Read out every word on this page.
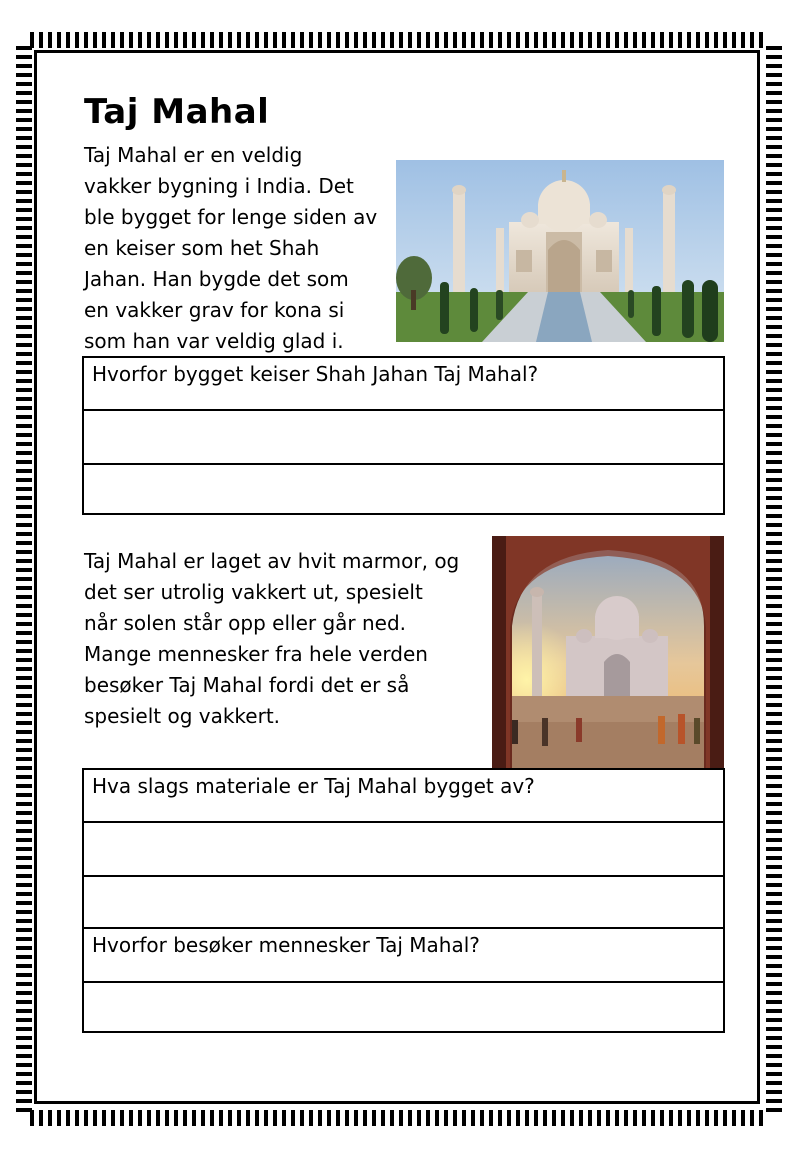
Taj Mahal
Taj Mahal er en veldig
vakker bygning i India. Det
ble bygget for lenge siden av
en keiser som het Shah
Jahan. Han bygde det som
en vakker grav for kona si
som han var veldig glad i.
Hvorfor bygget keiser Shah Jahan Taj Mahal?

Taj Mahal er laget av hvit marmor, og
det ser utrolig vakkert ut, spesielt
når solen står opp eller går ned.
Mange mennesker fra hele verden
besøker Taj Mahal fordi det er så
spesielt og vakkert.
Hva slags materiale er Taj Mahal bygget av?

Hvorfor besøker mennesker Taj Mahal?
